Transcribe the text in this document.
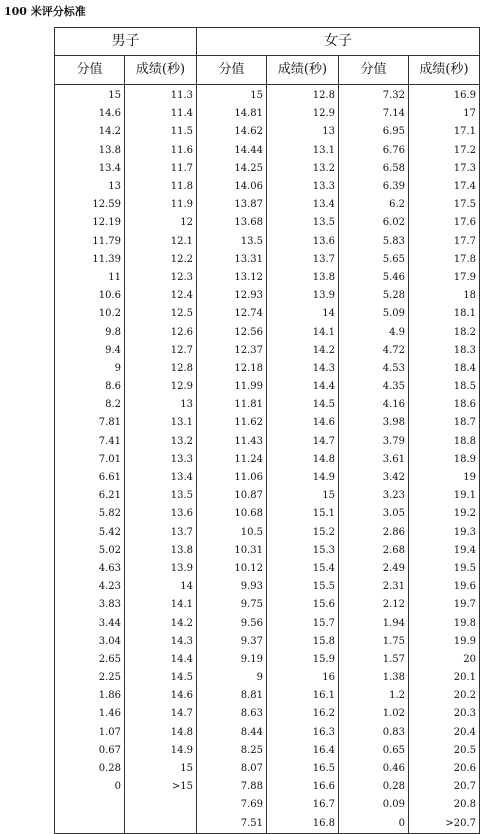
100 米评分标准
男子		女子			
分值	成绩(秒)	分值	成绩(秒)	分值	成绩(秒)
15	11.3	15	12.8	7.32	16.9
14.6	11.4	14.81	12.9	7.14	17
14.2	11.5	14.62	13	6.95	17.1
13.8	11.6	14.44	13.1	6.76	17.2
13.4	11.7	14.25	13.2	6.58	17.3
13	11.8	14.06	13.3	6.39	17.4
12.59	11.9	13.87	13.4	6.2	17.5
12.19	12	13.68	13.5	6.02	17.6
11.79	12.1	13.5	13.6	5.83	17.7
11.39	12.2	13.31	13.7	5.65	17.8
11	12.3	13.12	13.8	5.46	17.9
10.6	12.4	12.93	13.9	5.28	18
10.2	12.5	12.74	14	5.09	18.1
9.8	12.6	12.56	14.1	4.9	18.2
9.4	12.7	12.37	14.2	4.72	18.3
9	12.8	12.18	14.3	4.53	18.4
8.6	12.9	11.99	14.4	4.35	18.5
8.2	13	11.81	14.5	4.16	18.6
7.81	13.1	11.62	14.6	3.98	18.7
7.41	13.2	11.43	14.7	3.79	18.8
7.01	13.3	11.24	14.8	3.61	18.9
6.61	13.4	11.06	14.9	3.42	19
6.21	13.5	10.87	15	3.23	19.1
5.82	13.6	10.68	15.1	3.05	19.2
5.42	13.7	10.5	15.2	2.86	19.3
5.02	13.8	10.31	15.3	2.68	19.4
4.63	13.9	10.12	15.4	2.49	19.5
4.23	14	9.93	15.5	2.31	19.6
3.83	14.1	9.75	15.6	2.12	19.7
3.44	14.2	9.56	15.7	1.94	19.8
3.04	14.3	9.37	15.8	1.75	19.9
2.65	14.4	9.19	15.9	1.57	20
2.25	14.5	9	16	1.38	20.1
1.86	14.6	8.81	16.1	1.2	20.2
1.46	14.7	8.63	16.2	1.02	20.3
1.07	14.8	8.44	16.3	0.83	20.4
0.67	14.9	8.25	16.4	0.65	20.5
0.28	15	8.07	16.5	0.46	20.6
0	>15	7.88	16.6	0.28	20.7
		7.69	16.7	0.09	20.8
		7.51	16.8	0	>20.7
